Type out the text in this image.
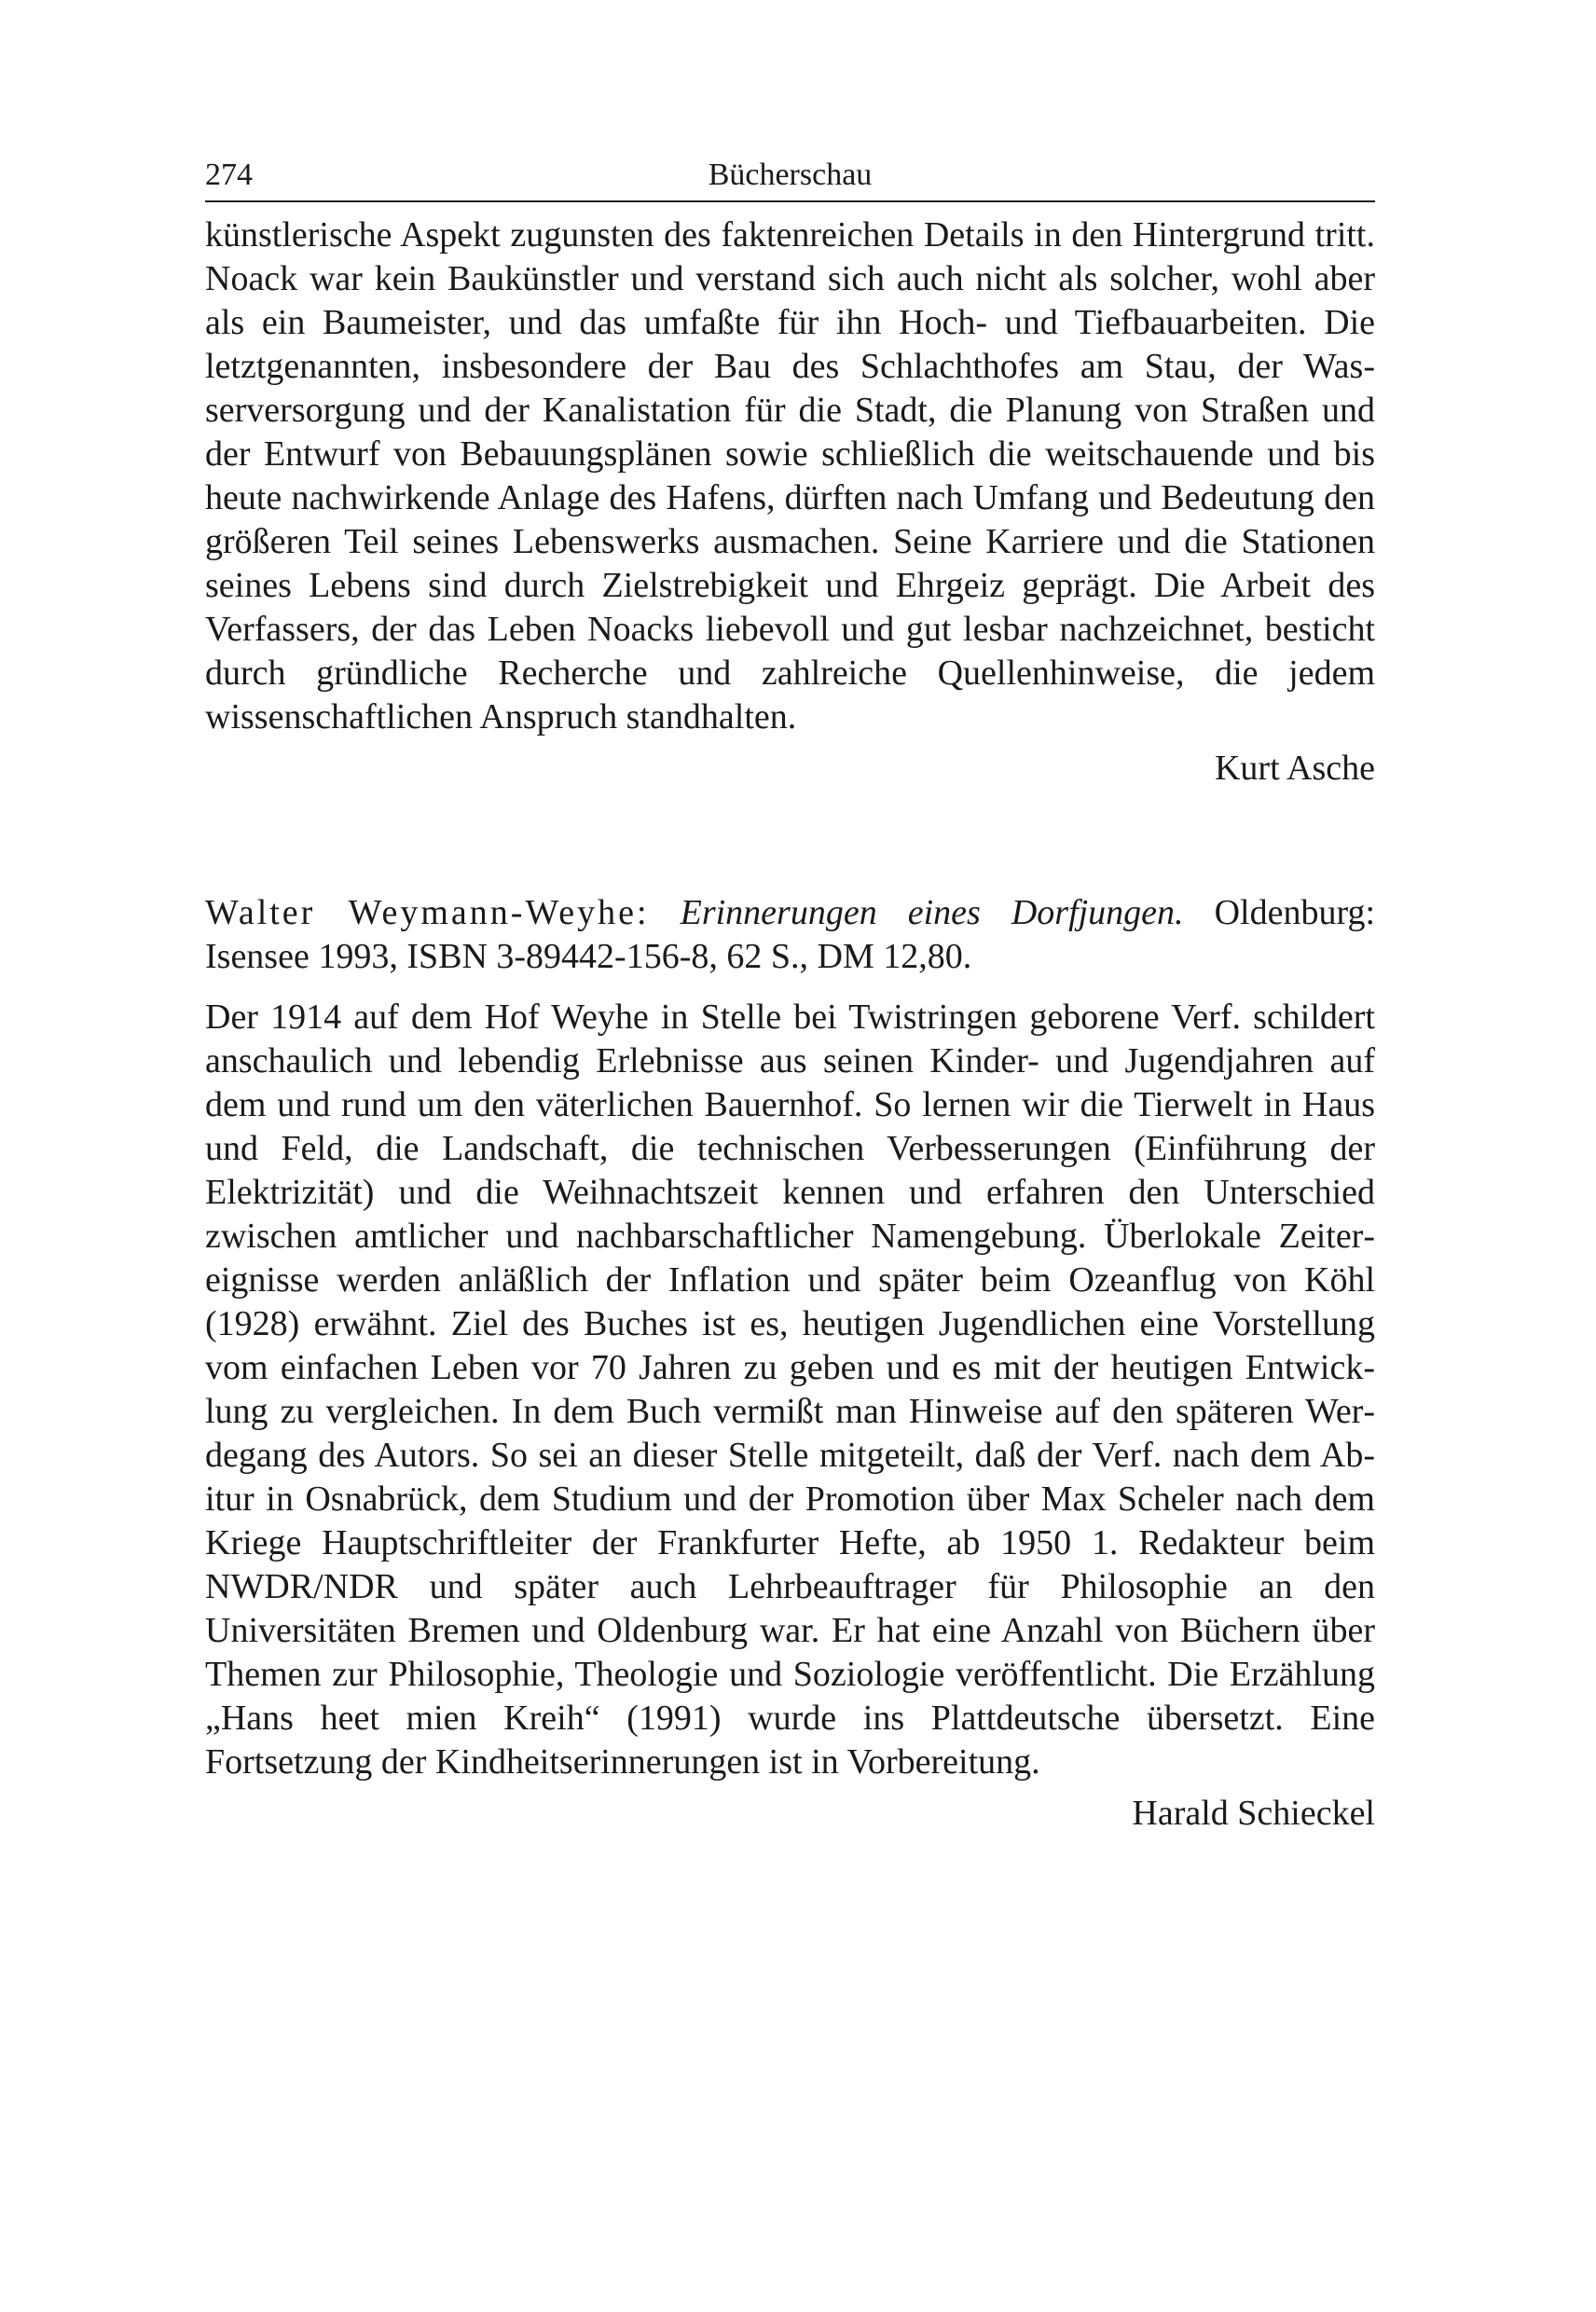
274	Bücherschau

künstlerische Aspekt zugunsten des faktenreichen Details in den Hintergrund tritt. Noack war kein Baukünstler und verstand sich auch nicht als solcher, wohl aber als ein Baumeister, und das umfaßte für ihn Hoch- und Tiefbauarbeiten. Die letztgenannten, insbesondere der Bau des Schlachthofes am Stau, der Wasserversorgung und der Kanalistation für die Stadt, die Planung von Straßen und der Entwurf von Bebauungsplänen sowie schließlich die weitschauende und bis heute nachwirkende Anlage des Hafens, dürften nach Umfang und Bedeutung den größeren Teil seines Lebenswerks ausmachen. Seine Karriere und die Stationen seines Lebens sind durch Zielstrebigkeit und Ehrgeiz geprägt. Die Arbeit des Verfassers, der das Leben Noacks liebevoll und gut lesbar nachzeichnet, besticht durch gründliche Recherche und zahlreiche Quellenhinweise, die jedem wissenschaftlichen Anspruch standhalten.

Kurt Asche

Walter Weymann-Weyhe: Erinnerungen eines Dorfjungen. Oldenburg: Isensee 1993, ISBN 3-89442-156-8, 62 S., DM 12,80.

Der 1914 auf dem Hof Weyhe in Stelle bei Twistringen geborene Verf. schildert anschaulich und lebendig Erlebnisse aus seinen Kinder- und Jugendjahren auf dem und rund um den väterlichen Bauernhof. So lernen wir die Tierwelt in Haus und Feld, die Landschaft, die technischen Verbesserungen (Einführung der Elektrizität) und die Weihnachtszeit kennen und erfahren den Unterschied zwischen amtlicher und nachbarschaftlicher Namengebung. Überlokale Zeitereignisse werden anläßlich der Inflation und später beim Ozeanflug von Köhl (1928) erwähnt. Ziel des Buches ist es, heutigen Jugendlichen eine Vorstellung vom einfachen Leben vor 70 Jahren zu geben und es mit der heutigen Entwicklung zu vergleichen. In dem Buch vermißt man Hinweise auf den späteren Werdegang des Autors. So sei an dieser Stelle mitgeteilt, daß der Verf. nach dem Abitur in Osnabrück, dem Studium und der Promotion über Max Scheler nach dem Kriege Hauptschriftleiter der Frankfurter Hefte, ab 1950 1. Redakteur beim NWDR/NDR und später auch Lehrbeauftrager für Philosophie an den Universitäten Bremen und Oldenburg war. Er hat eine Anzahl von Büchern über Themen zur Philosophie, Theologie und Soziologie veröffentlicht. Die Erzählung „Hans heet mien Kreih“ (1991) wurde ins Plattdeutsche übersetzt. Eine Fortsetzung der Kindheitserinnerungen ist in Vorbereitung.

Harald Schieckel
